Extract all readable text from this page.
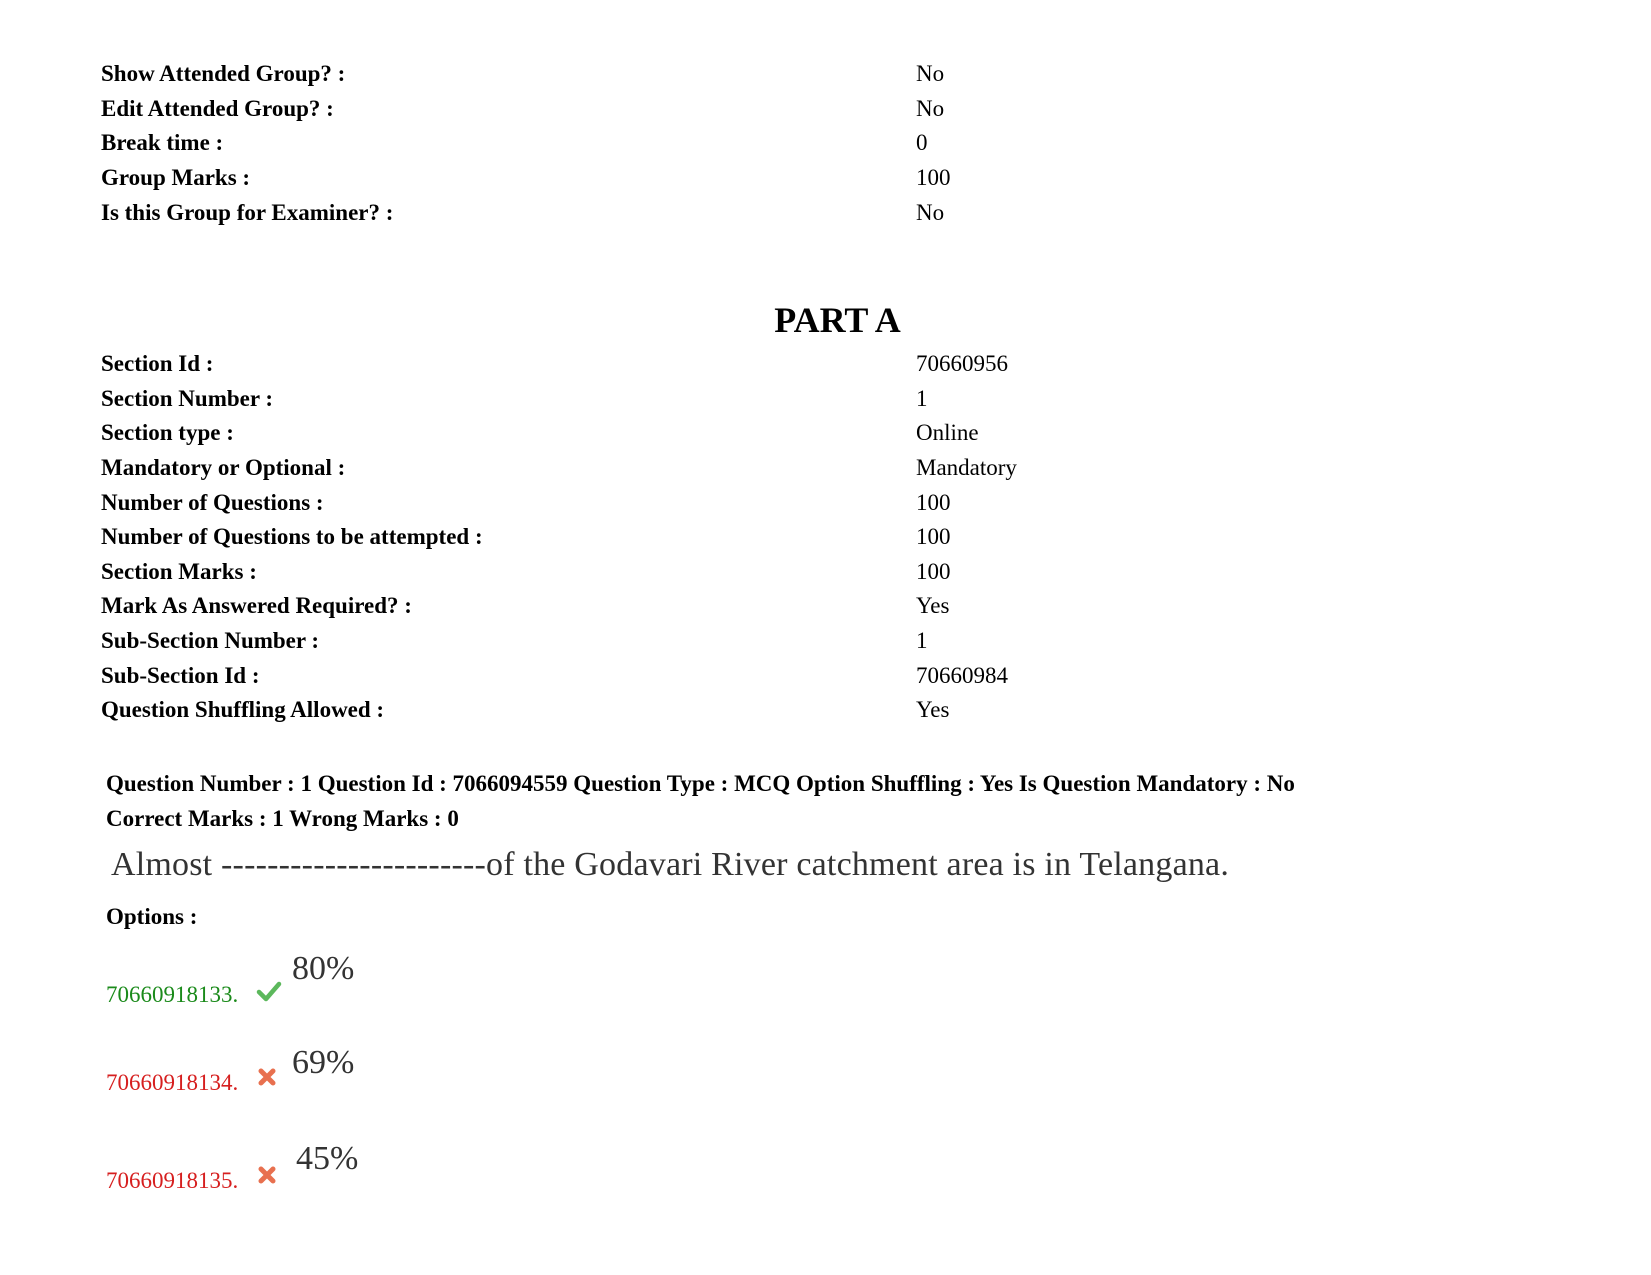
Show Attended Group? :	No
Edit Attended Group? :	No
Break time :	0
Group Marks :	100
Is this Group for Examiner? :	No
PART A
Section Id :	70660956
Section Number :	1
Section type :	Online
Mandatory or Optional :	Mandatory
Number of Questions :	100
Number of Questions to be attempted :	100
Section Marks :	100
Mark As Answered Required? :	Yes
Sub-Section Number :	1
Sub-Section Id :	70660984
Question Shuffling Allowed :	Yes
Question Number : 1 Question Id : 7066094559 Question Type : MCQ Option Shuffling : Yes Is Question Mandatory : No
Correct Marks : 1 Wrong Marks : 0
Almost -----------------------of the Godavari River catchment area is in Telangana.
Options :
70660918133.
80%
70660918134.
69%
70660918135.
45%
